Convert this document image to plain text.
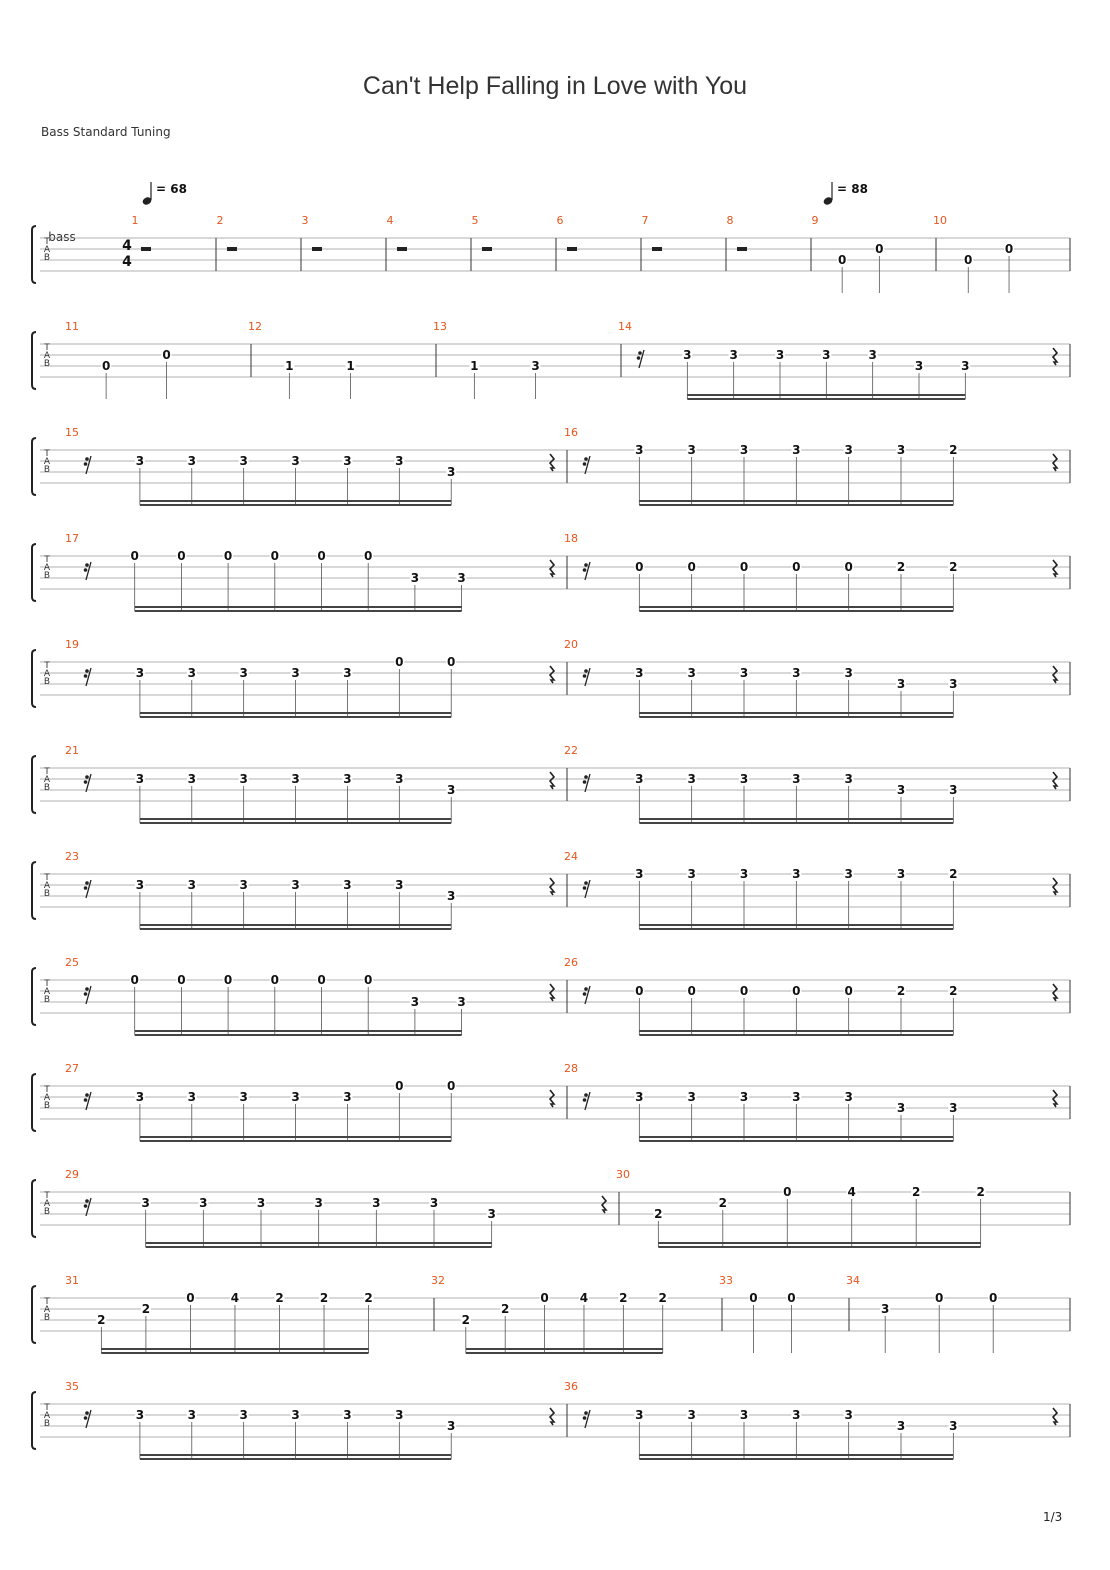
Can't Help Falling in Love with You
Bass Standard Tuning
1/3
= 68	= 88
bass
T
A
B
4
4
1	2	3	4	5	6	7	8	9
0
0
10
0
0
T
A
B
11
0
0
12
1	1
13
1	3
14
3	3	3	3	3
3	3
T
A
B
15
3	3	3	3	3	3
3
16
3	3	3	3	3	3	2
T
A
B
17
0	0	0	0	0	0
3	3
18
0	0	0	0	0	2	2
T
A
B
19
3	3	3	3	3
0	0
20
3	3	3	3	3
3	3
T
A
B
21
3	3	3	3	3	3
3
22
3	3	3	3	3
3	3
T
A
B
23
3	3	3	3	3	3
3
24
3	3	3	3	3	3	2
T
A
B
25
0	0	0	0	0	0
3	3
26
0	0	0	0	0	2	2
T
A
B
27
3	3	3	3	3
0	0
28
3	3	3	3	3
3	3
T
A
B
29
3	3	3	3	3	3
3
30
2
2
0	4	2	2
T
A
B
31
2
2
0	4	2	2	2
32
2
2
0	4	2	2
33
0 0
34
3
0	0
T
A
B
35
3	3	3	3	3	3
3
36
3	3	3	3	3
3	3
